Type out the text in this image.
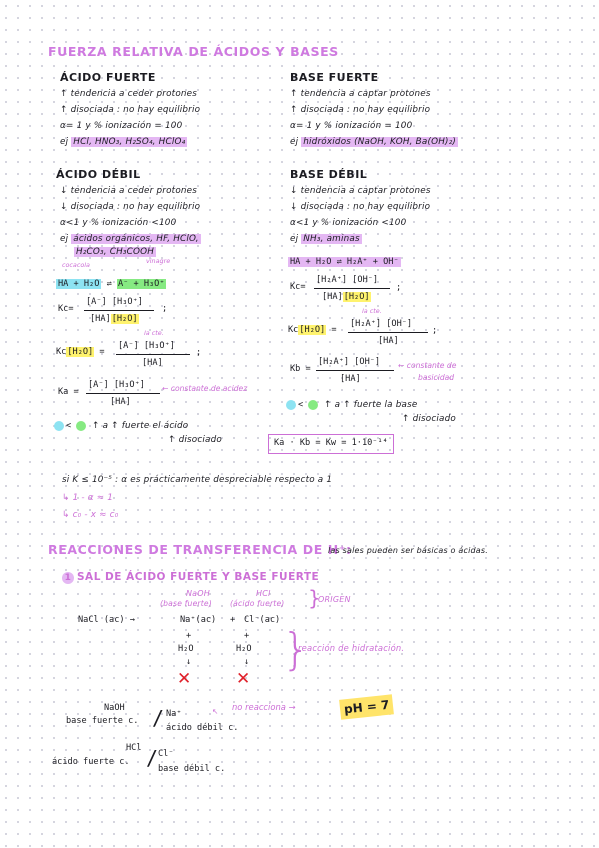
FUERZA RELATIVA DE ÁCIDOS Y BASES
ÁCIDO FUERTE
↑ tendencia a ceder protones
↑ disociada : no hay equilibrio
α= 1 y % ionización = 100
ej HCl, HNO₃, H₂SO₄, HClO₄
BASE FUERTE
↑ tendencia a captar protones
↑ disociada : no hay equilibrio
α= 1 y % ionización = 100
ej hidróxidos (NaOH, KOH, Ba(OH)₂)
ÁCIDO DÉBIL
↓ tendencia a ceder protones
↓ disociada : no hay equilibrio
α<1 y % ionización <100
ej ácidos orgánicos, HF, HClO,
H₂CO₃, CH₃COOH
cocacola	vinagre
HA + H₂O ⇌ A⁻ + H₃O⁺
Kc=
[A⁻] [H₃O⁺]
[HA][H₂O]
;
la cte.
Kc[H₂O] =
[A⁻] [H₃O⁺]
[HA]
;
Ka =
[A⁻] [H₃O⁺]
[HA]
← constante de acidez
< ↑ a ↑ fuerte el ácido
↑ disociado
BASE DÉBIL
↓ tendencia a captar protones
↓ disociada : no hay equilibrio
α<1 y % ionización <100
ej NH₃, aminas
HA + H₂O ⇌ H₂A⁺ + OH⁻
Kc=
[H₂A⁺] [OH⁻]
[HA][H₂O]
;
la cte.
Kc[H₂O] =
[H₂A⁺] [OH⁻]
[HA]
;
Kb =
[H₂A⁺] [OH⁻]
[HA]
← constante de
basicidad
< ↑ a ↑ fuerte la base
↑ disociado
Ka · Kb = Kw = 1·10⁻¹⁴
si K ≤ 10⁻⁵ : α es prácticamente despreciable respecto a 1
↳ 1 - α ≈ 1
↳ c₀ - x ≈ c₀
REACCIONES DE TRANSFERENCIA DE H⁺:
las sales pueden ser básicas o ácidas.
1 SAL DE ÁCIDO FUERTE Y BASE FUERTE
NaOH
(base fuerte)
HCl
(ácido fuerte) }
ORIGEN
NaCl (ac) →	Na⁺(ac) + Cl⁻(ac)
+	+
H₂O	H₂O
↓	↓
✕	✕
}
reacción de hidratación.
NaOH
base fuerte c. / Na⁺
ácido débil c.
↖ no reacciona →	pH = 7
HCl
ácido fuerte c. / Cl⁻
base débil c.
